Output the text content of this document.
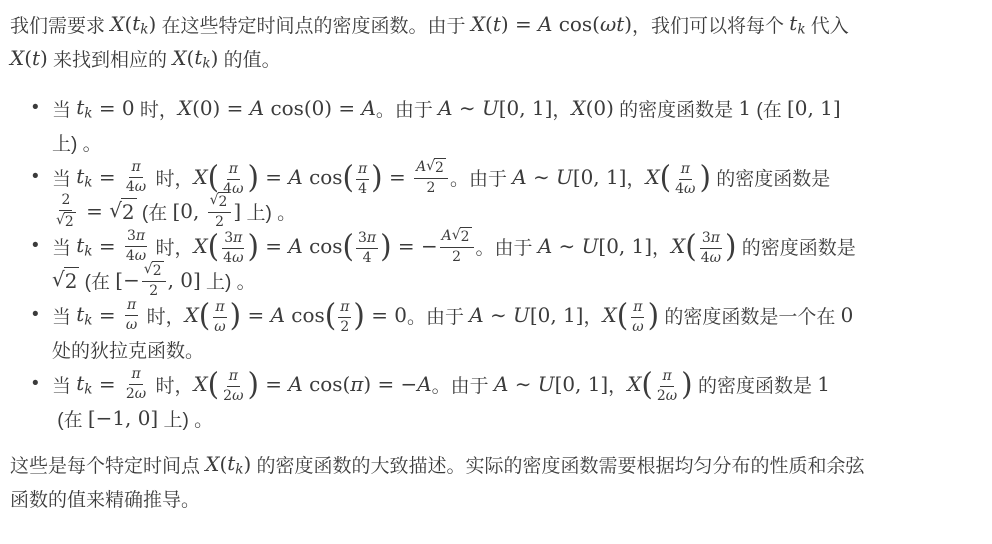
我们需要求 X ( tk ) 在这些特定时间点的密度函数。由于 X ( t ) = A cos( ωt ) ，我们可以将每个 tk 代入
X ( t ) 来找到相应的 X ( tk ) 的值。
• 当 tk = 0 时， X (0) = A cos(0) = A 。由于 A ∼ U [0, 1] ， X (0) 的密度函数是 1 (在 [0, 1]
上) 。
• 当 tk = $\frac{\pi}{4 \omega}$ 时， X ( $\frac{\pi}{4 \omega}$ ) = A cos ( $\frac{\pi}{4}$ ) = $\frac{A √ 2}{2}$ 。由于 A ∼ U [0, 1] ， X ( $\frac{\pi}{4 \omega}$ ) 的密度函数是
$\frac{2}{√ 2}$ = √ 2 (在 [0, $\frac{√ 2}{2}$ ] 上) 。
• 当 tk = $\frac{3 \pi}{4 \omega}$ 时， X ( $\frac{3 \pi}{4 \omega}$ ) = A cos ( $\frac{3 \pi}{4}$ ) = − $\frac{A √ 2}{2}$ 。由于 A ∼ U [0, 1] ， X ( $\frac{3 \pi}{4 \omega}$ ) 的密度函数是
√ 2 (在 [− $\frac{√ 2}{2}$ , 0] 上) 。
• 当 tk = $\frac{\pi}{\omega}$ 时， X ( $\frac{\pi}{\omega}$ ) = A cos ( $\frac{\pi}{2}$ ) = 0 。由于 A ∼ U [0, 1] ， X ( $\frac{\pi}{\omega}$ ) 的密度函数是一个在 0
处的狄拉克函数。
• 当 tk = $\frac{\pi}{2 \omega}$ 时， X ( $\frac{\pi}{2 \omega}$ ) = A cos( π ) = − A 。由于 A ∼ U [0, 1] ， X ( $\frac{\pi}{2 \omega}$ ) 的密度函数是 1
(在 [−1, 0] 上) 。
这些是每个特定时间点 X ( tk ) 的密度函数的大致描述。实际的密度函数需要根据均匀分布的性质和余弦
函数的值来精确推导。
